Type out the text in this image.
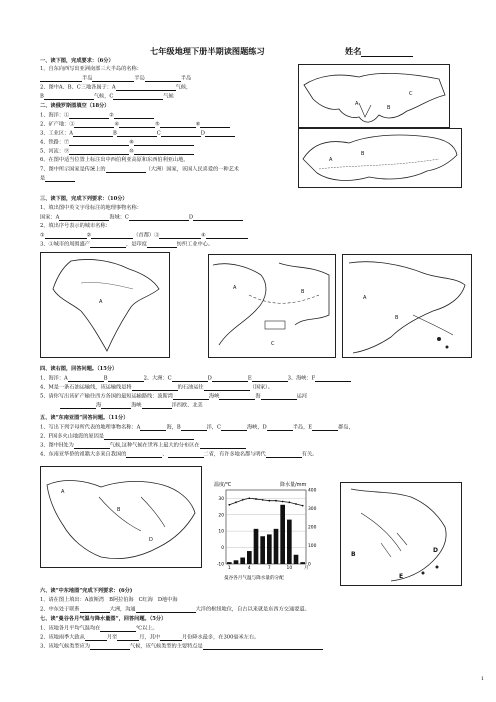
七年级地理下册半期读图题练习	姓名
一、读下图，完成要求：（6分）
1、自东向西写出亚洲南部三大半岛的名称：
半岛	半岛	半岛
2、图中A、B、C三地各属于：A	气候，
B	气候，C	气候
A
B
C
二、读俄罗斯图填空（18分）
1、海洋：①	②
2、矿产地：③	④	⑤	⑥
3、工业区：A	B	C	D
4、铁路：⑦	⑧
5、河流：⑨	⑩
6、在图中适当位置上标注出中西伯利亚高原和东西伯利亚山地。
7、图中所示国家是传统上的	（大洲）国家，该国人民喜爱的一种艺术
是
A
B
三、读下图，完成下列要求：（10分）
1、填出图中英文字母标注的地理事物名称：
国家：A	海域：C	D
2、填出序号表示的城市名称：
①	②	（首都）③	④
3、③城市的周围盛产	，是印度	纺织工业中心。
A
A
B
C
A
B
四、读右图，回答问题。（15分）
1、海洋：A	B	2、大洲：C	D	E	3、海峡：F
4、M是一条石油运输线，该运输线是将	的石油运往	（国家）。
5、请你写出该矿产输往西方各国的最短运输路线：波斯湾	海峡	海	运河
海	海峡	洋西欧、北美
五、读“东南亚图”回答问题。（11分）
1、写出下列字母所代表的地理事物名称：A	海，B	洋，C	海峡，D	半岛，E	群岛，
2、F国多火山地震的原因是
3、图中H处为	气候,这种气候在世界上最大的分布区在
4、东南亚华侨的祖籍大多来自我国的	、	二省，有许多地名都与明代	有关。
A
B
D
温度/℃	降水量/mm
30
20
10
0
-10
400
300
200
100
0
1	4	7	10	月
曼谷各月气温与降水量的分配
B
D
E
六、读“中东地图”完成下列要求：(6分)
1、请在图上填出：A波斯湾 B阿拉伯海 C红海 D地中海
2、中东处于联系	大洲，沟通	大洋的枢纽地位，自古以来就是东西方交通要道。
七、读“曼谷各月气温与降水量图”，回答问题。（5分）
1、该地各月平均气温均在	℃以上。
2、该地雨季大致从	月至	月，其中	月份降水最多，在300毫米左右。
3、该地气候类型应为	气候，该气候类型的主要特点是
1
